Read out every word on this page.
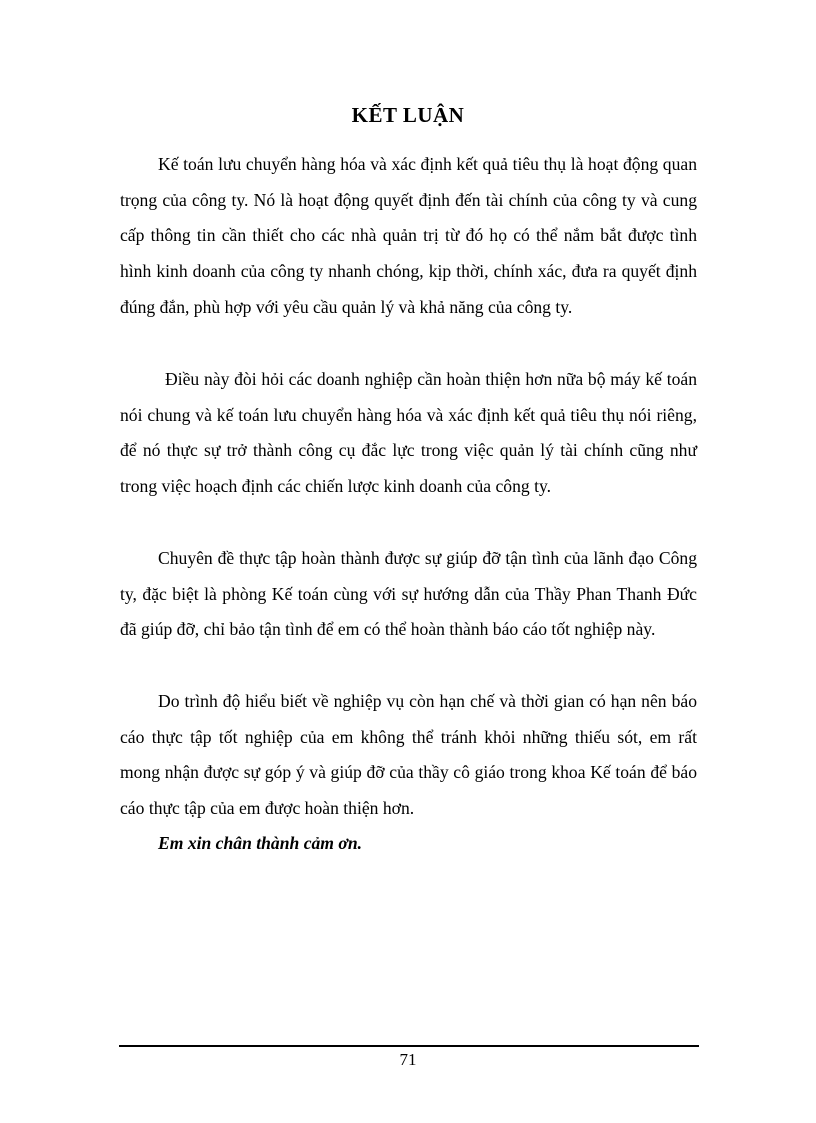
KẾT LUẬN

Kế toán lưu chuyển hàng hóa và xác định kết quả tiêu thụ là hoạt động quan trọng của công ty. Nó là hoạt động quyết định đến tài chính của công ty và cung cấp thông tin cần thiết cho các nhà quản trị từ đó họ có thể nắm bắt được tình hình kinh doanh của công ty nhanh chóng, kịp thời, chính xác, đưa ra quyết định đúng đắn, phù hợp với yêu cầu quản lý và khả năng của công ty.

Điều này đòi hỏi các doanh nghiệp cần hoàn thiện hơn nữa bộ máy kế toán nói chung và kế toán lưu chuyển hàng hóa và xác định kết quả tiêu thụ nói riêng, để nó thực sự trở thành công cụ đắc lực trong việc quản lý tài chính cũng như trong việc hoạch định các chiến lược kinh doanh của công ty.

Chuyên đề thực tập hoàn thành được sự giúp đỡ tận tình của lãnh đạo Công ty, đặc biệt là phòng Kế toán cùng với sự hướng dẫn của Thầy Phan Thanh Đức đã giúp đỡ, chỉ bảo tận tình để em có thể hoàn thành báo cáo tốt nghiệp này.

Do trình độ hiểu biết về nghiệp vụ còn hạn chế và thời gian có hạn nên báo cáo thực tập tốt nghiệp của em không thể tránh khỏi những thiếu sót, em rất mong nhận được sự góp ý và giúp đỡ của thầy cô giáo trong khoa Kế toán để báo cáo thực tập của em được hoàn thiện hơn.

Em xin chân thành cảm ơn.

71
